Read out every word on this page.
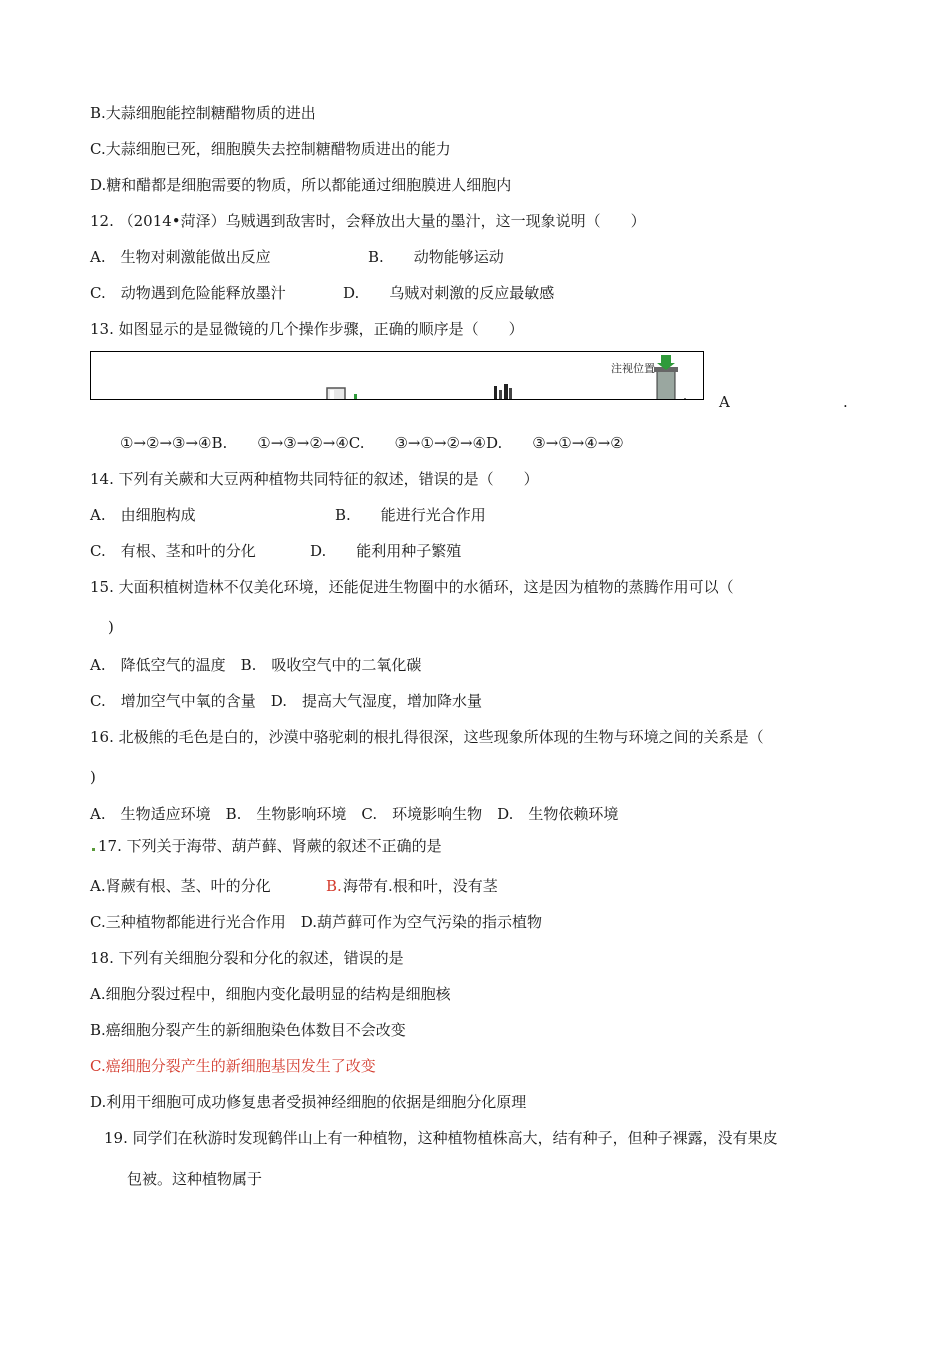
B.大蒜细胞能控制糖醋物质的进出
C.大蒜细胞已死，细胞膜失去控制糖醋物质进出的能力
D.糖和醋都是细胞需要的物质，所以都能通过细胞膜进人细胞内
12. （2014•菏泽）乌贼遇到敌害时，会释放出大量的墨汁，这一现象说明（　　）
A.　生物对刺激能做出反应	B.　　动物能够运动
C.　动物遇到危险能释放墨汁	D.　　乌贼对刺激的反应最敏感
13. 如图显示的是显微镜的几个操作步骤，正确的顺序是（　　）
注视位置
A	.
①→②→③→④B.　　①→③→②→④C.　　③→①→②→④D.　　③→①→④→②
14. 下列有关蕨和大豆两种植物共同特征的叙述，错误的是（　　）
A.　由细胞构成	B.　　能进行光合作用
C.　有根、茎和叶的分化	D.　　能利用种子繁殖
15. 大面积植树造林不仅美化环境，还能促进生物圈中的水循环，这是因为植物的蒸腾作用可以（
)
A.　降低空气的温度　B.　吸收空气中的二氧化碳
C.　增加空气中氧的含量　D.　提高大气湿度，增加降水量
16. 北极熊的毛色是白的，沙漠中骆驼刺的根扎得很深，这些现象所体现的生物与环境之间的关系是（
)
A.　生物适应环境　B.　生物影响环境　C.　环境影响生物　D.　生物依赖环境
17. 下列关于海带、葫芦藓、肾蕨的叙述不正确的是
A.肾蕨有根、茎、叶的分化	B. 海带有.根和叶，没有茎
C.三种植物都能进行光合作用　D.葫芦藓可作为空气污染的指示植物
18. 下列有关细胞分裂和分化的叙述，错误的是
A.细胞分裂过程中，细胞内变化最明显的结构是细胞核
B.癌细胞分裂产生的新细胞染色体数目不会改变
C.癌细胞分裂产生的新细胞基因发生了改变
D.利用干细胞可成功修复患者受损神经细胞的依据是细胞分化原理
19. 同学们在秋游时发现鹤伴山上有一种植物，这种植物植株高大，结有种子，但种子裸露，没有果皮
包被。这种植物属于
